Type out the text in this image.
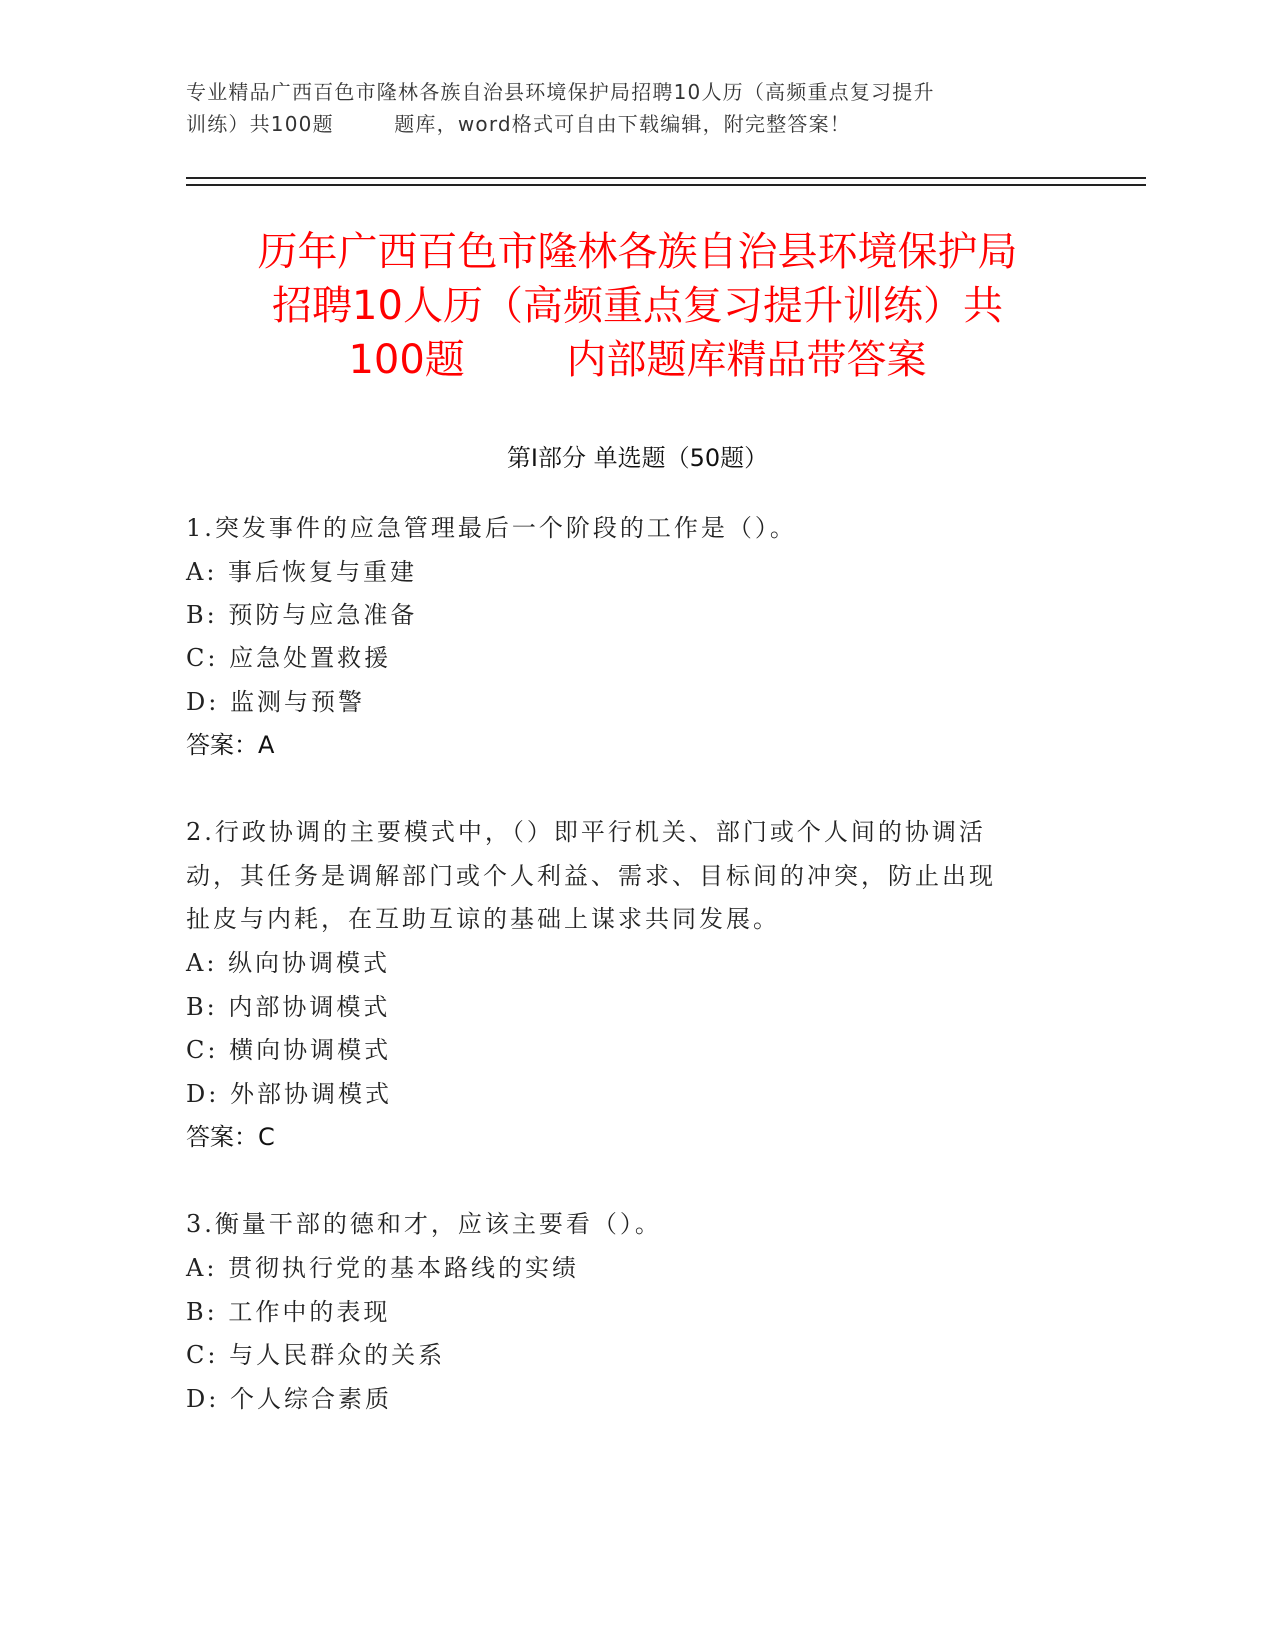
专业精品广西百色市隆林各族自治县环境保护局招聘10人历（高频重点复习提升
训练）共100题        题库，word格式可自由下载编辑，附完整答案！
历年广西百色市隆林各族自治县环境保护局
招聘10人历（高频重点复习提升训练）共
100题        内部题库精品带答案
第Ⅰ部分 单选题（50题）
1.突发事件的应急管理最后一个阶段的工作是（）。
A: 事后恢复与重建
B: 预防与应急准备
C: 应急处置救援
D: 监测与预警
答案：A
2.行政协调的主要模式中，（）即平行机关、部门或个人间的协调活
动，其任务是调解部门或个人利益、需求、目标间的冲突，防止出现
扯皮与内耗，在互助互谅的基础上谋求共同发展。
A: 纵向协调模式
B: 内部协调模式
C: 横向协调模式
D: 外部协调模式
答案：C
3.衡量干部的德和才，应该主要看（）。
A: 贯彻执行党的基本路线的实绩
B: 工作中的表现
C: 与人民群众的关系
D: 个人综合素质
